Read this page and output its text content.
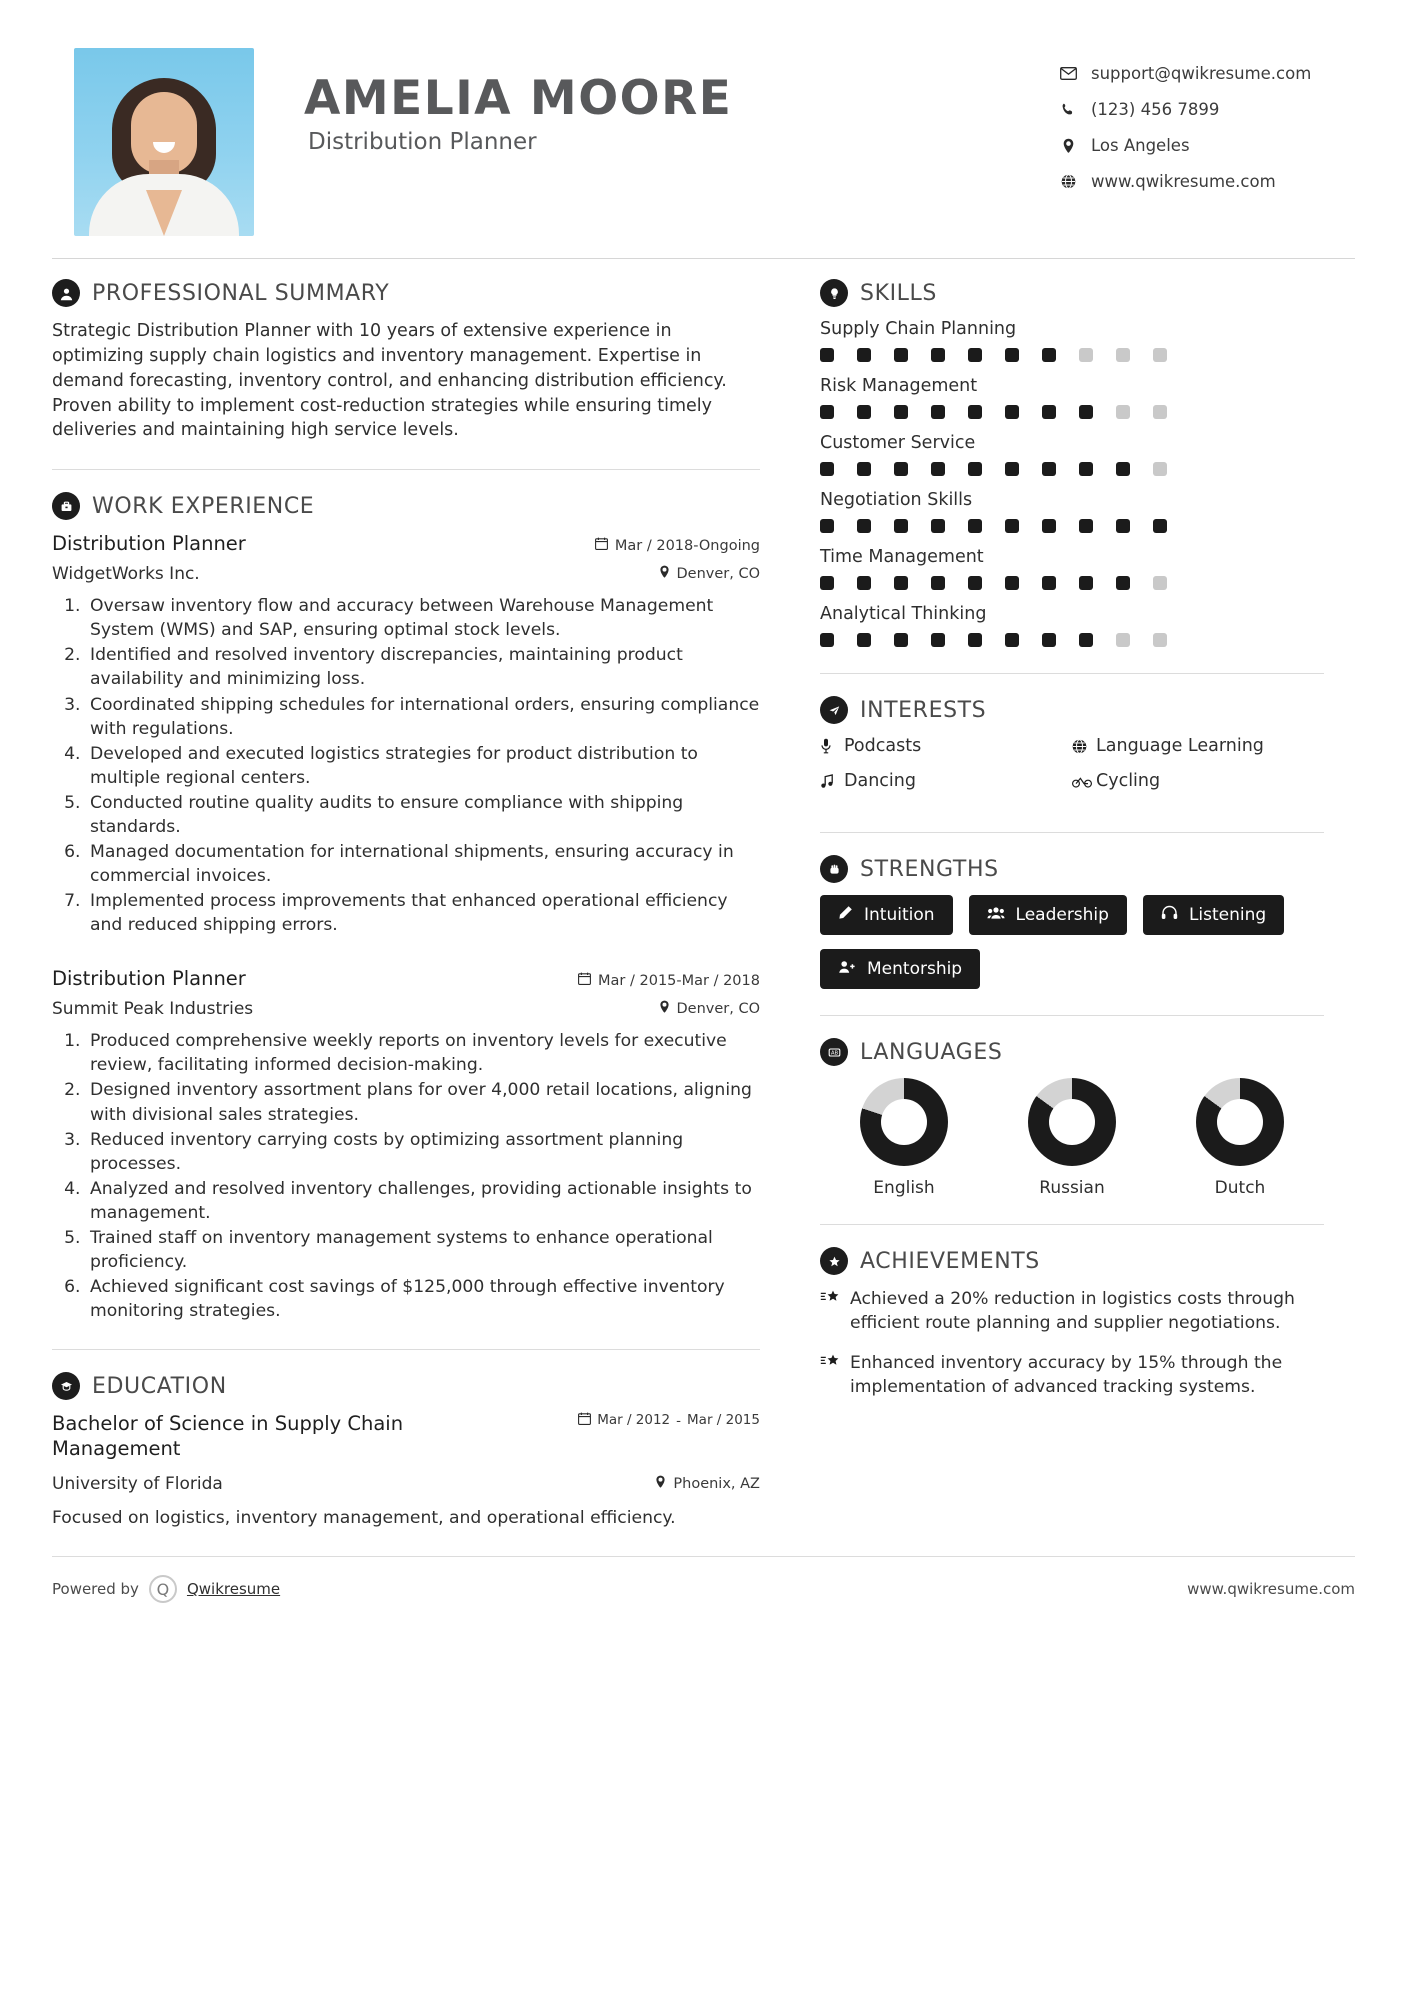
AMELIA MOORE
Distribution Planner
support@qwikresume.com
(123) 456 7899
Los Angeles
www.qwikresume.com
PROFESSIONAL SUMMARY
Strategic Distribution Planner with 10 years of extensive experience in optimizing supply chain logistics and inventory management. Expertise in demand forecasting, inventory control, and enhancing distribution efficiency. Proven ability to implement cost-reduction strategies while ensuring timely deliveries and maintaining high service levels.
WORK EXPERIENCE
Distribution Planner	Mar / 2018-Ongoing
WidgetWorks Inc.	Denver, CO
1. Oversaw inventory flow and accuracy between Warehouse Management System (WMS) and SAP, ensuring optimal stock levels.
2. Identified and resolved inventory discrepancies, maintaining product availability and minimizing loss.
3. Coordinated shipping schedules for international orders, ensuring compliance with regulations.
4. Developed and executed logistics strategies for product distribution to multiple regional centers.
5. Conducted routine quality audits to ensure compliance with shipping standards.
6. Managed documentation for international shipments, ensuring accuracy in commercial invoices.
7. Implemented process improvements that enhanced operational efficiency and reduced shipping errors.
Distribution Planner	Mar / 2015-Mar / 2018
Summit Peak Industries	Denver, CO
1. Produced comprehensive weekly reports on inventory levels for executive review, facilitating informed decision-making.
2. Designed inventory assortment plans for over 4,000 retail locations, aligning with divisional sales strategies.
3. Reduced inventory carrying costs by optimizing assortment planning processes.
4. Analyzed and resolved inventory challenges, providing actionable insights to management.
5. Trained staff on inventory management systems to enhance operational proficiency.
6. Achieved significant cost savings of $125,000 through effective inventory monitoring strategies.
EDUCATION
Bachelor of Science in Supply Chain Management
Mar / 2012 - Mar / 2015
University of Florida	Phoenix, AZ
Focused on logistics, inventory management, and operational efficiency.
SKILLS
Supply Chain Planning
Risk Management
Customer Service
Negotiation Skills
Time Management
Analytical Thinking
INTERESTS
Podcasts	Language Learning
Dancing	Cycling
STRENGTHS
Intuition	Leadership	Listening
Mentorship
AB LANGUAGES
English	Russian	Dutch
ACHIEVEMENTS
Achieved a 20% reduction in logistics costs through efficient route planning and supplier negotiations.
Enhanced inventory accuracy by 15% through the implementation of advanced tracking systems.
Powered by	Q	Qwikresume	www.qwikresume.com
